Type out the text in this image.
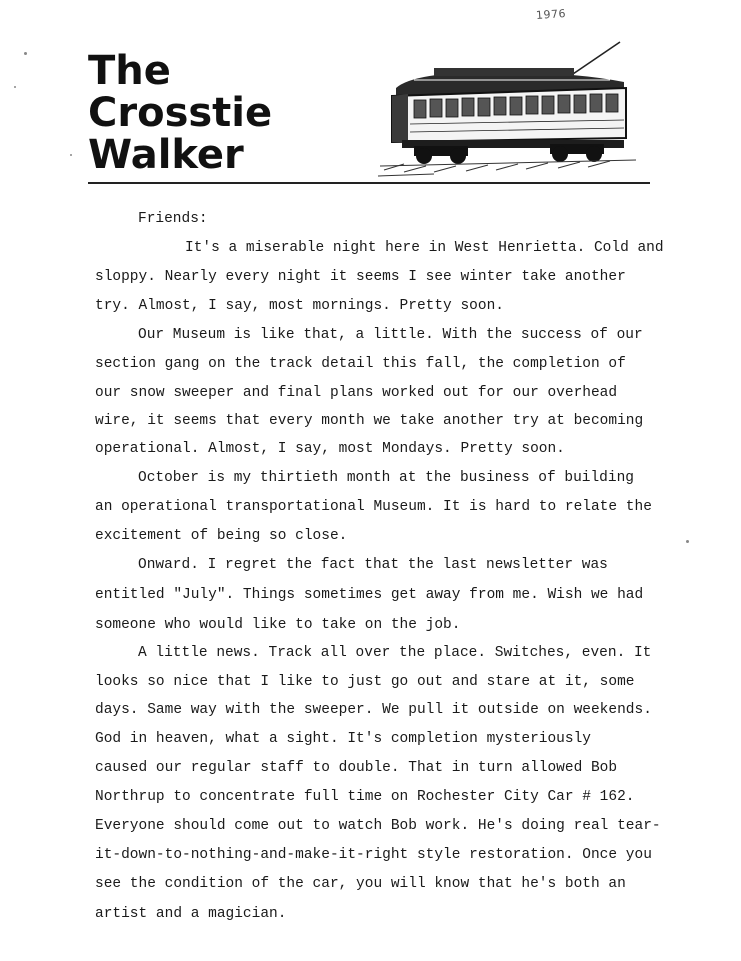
1976
The
Crosstie
Walker

Friends:

It's a miserable night here in West Henrietta. Cold and

sloppy. Nearly every night it seems I see winter take another

try. Almost, I say, most mornings. Pretty soon.

Our Museum is like that, a little. With the success of our

section gang on the track detail this fall, the completion of

our snow sweeper and final plans worked out for our overhead

wire, it seems that every month we take another try at becoming

operational. Almost, I say, most Mondays. Pretty soon.

October is my thirtieth month at the business of building

an operational transportational Museum. It is hard to relate the

excitement of being so close.

Onward. I regret the fact that the last newsletter was

entitled "July". Things sometimes get away from me. Wish we had

someone who would like to take on the job.

A little news. Track all over the place. Switches, even. It

looks so nice that I like to just go out and stare at it, some

days. Same way with the sweeper. We pull it outside on weekends.

God in heaven, what a sight. It's completion mysteriously

caused our regular staff to double. That in turn allowed Bob

Northrup to concentrate full time on Rochester City Car # 162.

Everyone should come out to watch Bob work. He's doing real tear-

it-down-to-nothing-and-make-it-right style restoration. Once you

see the condition of the car, you will know that he's both an

artist and a magician.
